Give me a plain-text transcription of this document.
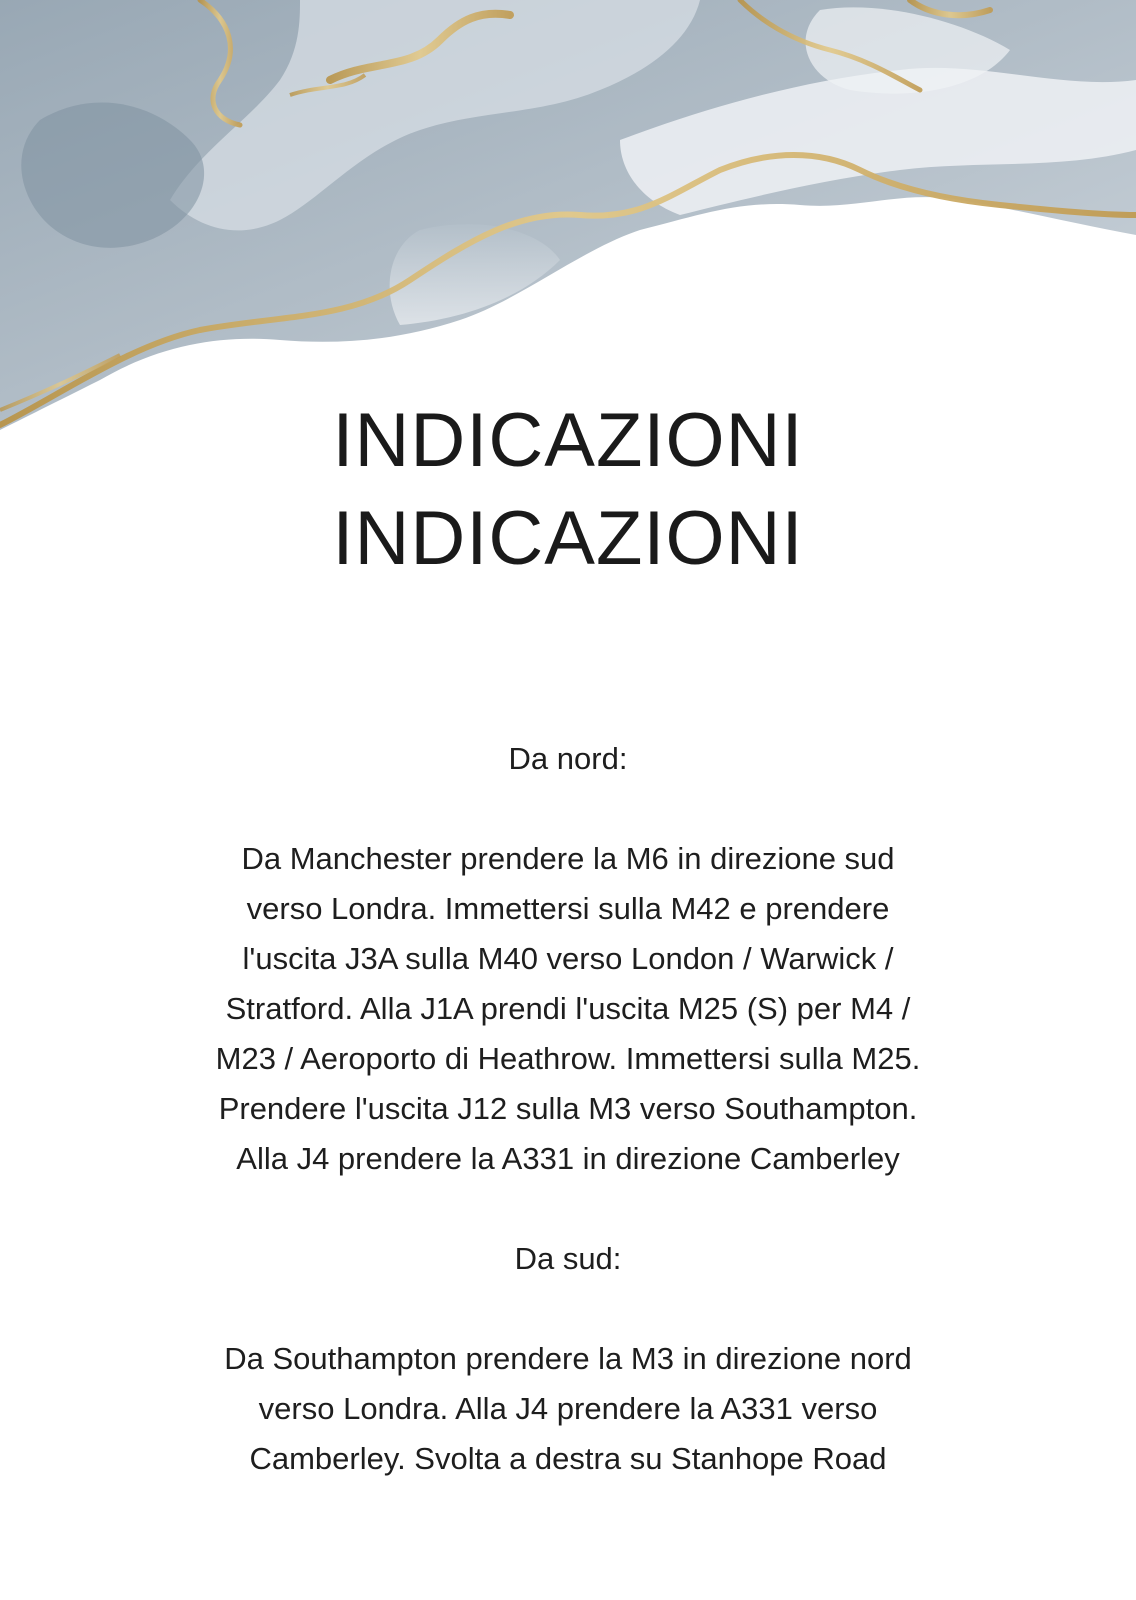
INDICAZIONI
INDICAZIONI

Da nord:

Da Manchester prendere la M6 in direzione sud

verso Londra. Immettersi sulla M42 e prendere

l'uscita J3A sulla M40 verso London / Warwick /

Stratford. Alla J1A prendi l'uscita M25 (S) per M4 /

M23 / Aeroporto di Heathrow. Immettersi sulla M25.

Prendere l'uscita J12 sulla M3 verso Southampton.

Alla J4 prendere la A331 in direzione Camberley

Da sud:

Da Southampton prendere la M3 in direzione nord

verso Londra. Alla J4 prendere la A331 verso

Camberley. Svolta a destra su Stanhope Road
